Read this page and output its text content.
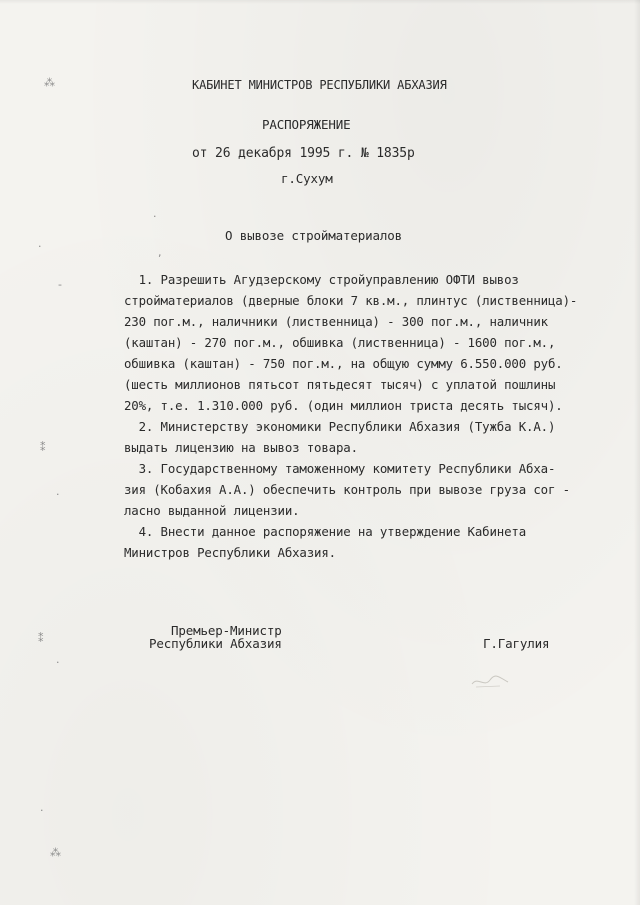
⁂
·
-
⁑
·
⁑
·
·
⁂
·
,
КАБИНЕТ МИНИСТРОВ РЕСПУБЛИКИ АБХАЗИЯ
РАСПОРЯЖЕНИЕ
от 26 декабря 1995 г. № 1835р
г.Сухум
О вывозе стройматериалов
1. Разрешить Агудзерскому стройуправлению ОФТИ вывоз
стройматериалов (дверные блоки 7 кв.м., плинтус (лиственница)-
230 пог.м., наличники (лиственница) - 300 пог.м., наличник
(каштан) - 270 пог.м., обшивка (лиственница) - 1600 пог.м.,
обшивка (каштан) - 750 пог.м., на общую сумму 6.550.000 руб.
(шесть миллионов пятьсот пятьдесят тысяч) с уплатой пошлины
20%, т.е. 1.310.000 руб. (один миллион триста десять тысяч).
2. Министерству экономики Республики Абхазия (Тужба К.А.)
выдать лицензию на вывоз товара.
3. Государственному таможенному комитету Республики Абха-
зия (Кобахия А.А.) обеспечить контроль при вывозе груза сог -
ласно выданной лицензии.
4. Внести данное распоряжение на утверждение Кабинета
Министров Республики Абхазия.
Премьер-Министр
Республики Абхазия	Г.Гагулия
